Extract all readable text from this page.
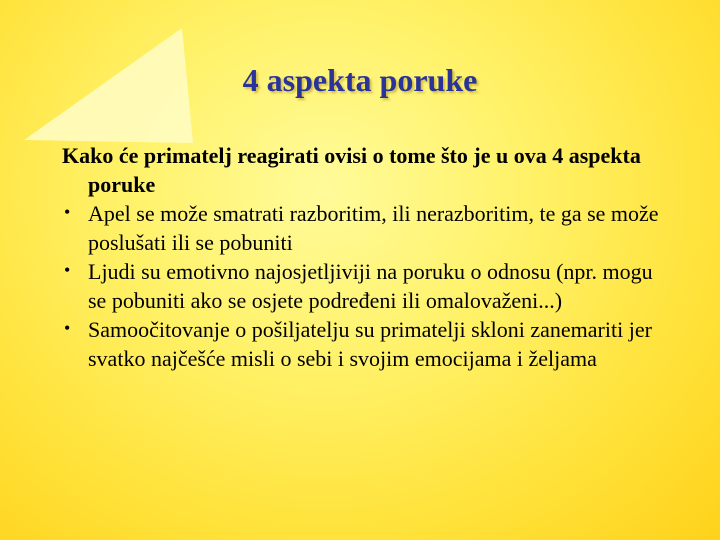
4 aspekta poruke

Kako će primatelj reagirati ovisi o tome što je u ova 4 aspekta poruke

• Apel se može smatrati razboritim, ili nerazboritim, te ga se može poslušati ili se pobuniti
• Ljudi su emotivno najosjetljiviji na poruku o odnosu (npr. mogu se pobuniti ako se osjete podređeni ili omalovaženi...)
• Samoočitovanje o pošiljatelju su primatelji skloni zanemariti jer svatko najčešće misli o sebi i svojim emocijama i željama
